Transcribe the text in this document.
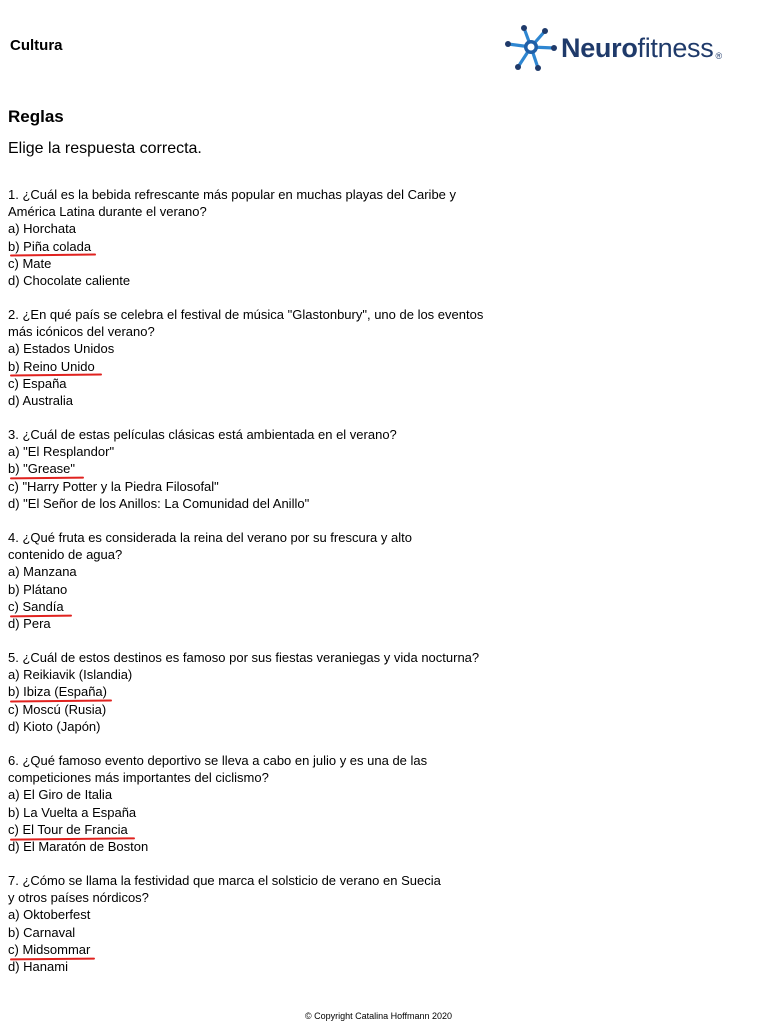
Cultura	Neurofitness ®
Reglas
Elige la respuesta correcta.
1. ¿Cuál es la bebida refrescante más popular en muchas playas del Caribe y
América Latina durante el verano?
a) Horchata
b) Piña colada
c) Mate
d) Chocolate caliente
2. ¿En qué país se celebra el festival de música "Glastonbury", uno de los eventos
más icónicos del verano?
a) Estados Unidos
b) Reino Unido
c) España
d) Australia
3. ¿Cuál de estas películas clásicas está ambientada en el verano?
a) "El Resplandor"
b) "Grease"
c) "Harry Potter y la Piedra Filosofal"
d) "El Señor de los Anillos: La Comunidad del Anillo"
4. ¿Qué fruta es considerada la reina del verano por su frescura y alto
contenido de agua?
a) Manzana
b) Plátano
c) Sandía
d) Pera
5. ¿Cuál de estos destinos es famoso por sus fiestas veraniegas y vida nocturna?
a) Reikiavik (Islandia)
b) Ibiza (España)
c) Moscú (Rusia)
d) Kioto (Japón)
6. ¿Qué famoso evento deportivo se lleva a cabo en julio y es una de las
competiciones más importantes del ciclismo?
a) El Giro de Italia
b) La Vuelta a España
c) El Tour de Francia
d) El Maratón de Boston
7. ¿Cómo se llama la festividad que marca el solsticio de verano en Suecia
y otros países nórdicos?
a) Oktoberfest
b) Carnaval
c) Midsommar
d) Hanami
© Copyright Catalina Hoffmann 2020
